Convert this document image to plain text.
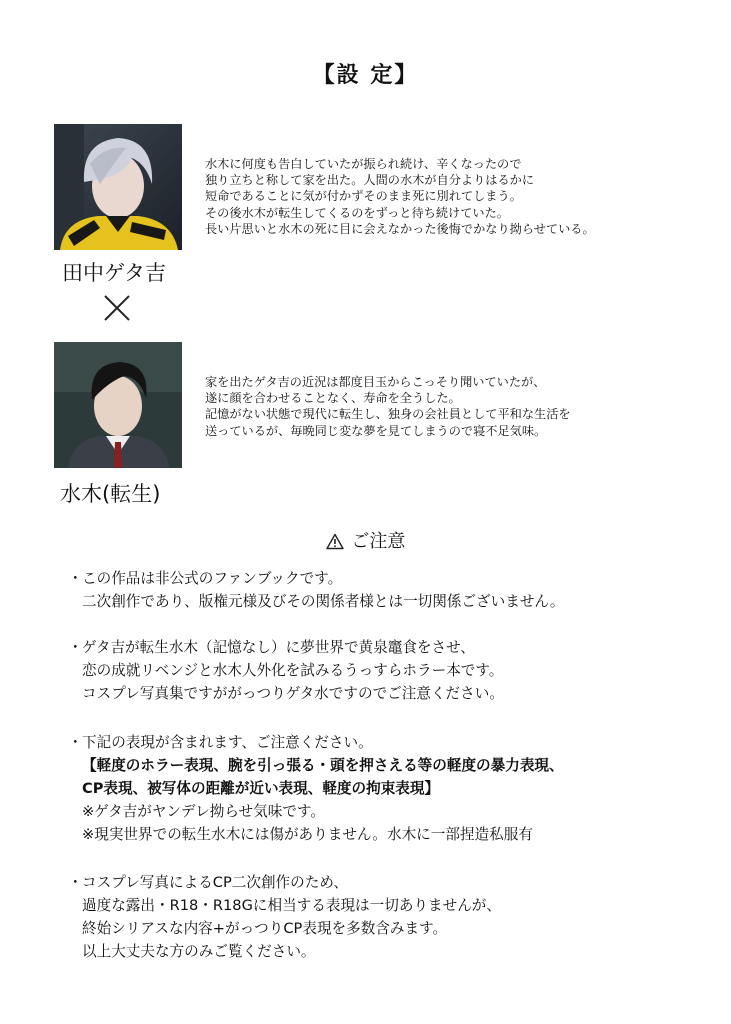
【設 定】
田中ゲタ吉
水木(転生)
水木に何度も告白していたが振られ続け、辛くなったので
独り立ちと称して家を出た。人間の水木が自分よりはるかに
短命であることに気が付かずそのまま死に別れてしまう。
その後水木が転生してくるのをずっと待ち続けていた。
長い片思いと水木の死に目に会えなかった後悔でかなり拗らせている。
家を出たゲタ吉の近況は都度目玉からこっそり聞いていたが、
遂に顔を合わせることなく、寿命を全うした。
記憶がない状態で現代に転生し、独身の会社員として平和な生活を
送っているが、毎晩同じ変な夢を見てしまうので寝不足気味。
ご注意
・この作品は非公式のファンブックです。
二次創作であり、版権元様及びその関係者様とは一切関係ございません。
・ゲタ吉が転生水木（記憶なし）に夢世界で黄泉竈食をさせ、
恋の成就リベンジと水木人外化を試みるうっすらホラー本です。
コスプレ写真集ですががっつりゲタ水ですのでご注意ください。
・下記の表現が含まれます、ご注意ください。
【軽度のホラー表現、腕を引っ張る・頭を押さえる等の軽度の暴力表現、
CP表現、被写体の距離が近い表現、軽度の拘束表現】
※ゲタ吉がヤンデレ拗らせ気味です。
※現実世界での転生水木には傷がありません。水木に一部捏造私服有
・コスプレ写真によるCP二次創作のため、
過度な露出・R18・R18Gに相当する表現は一切ありませんが、
終始シリアスな内容+がっつりCP表現を多数含みます。
以上大丈夫な方のみご覧ください。
